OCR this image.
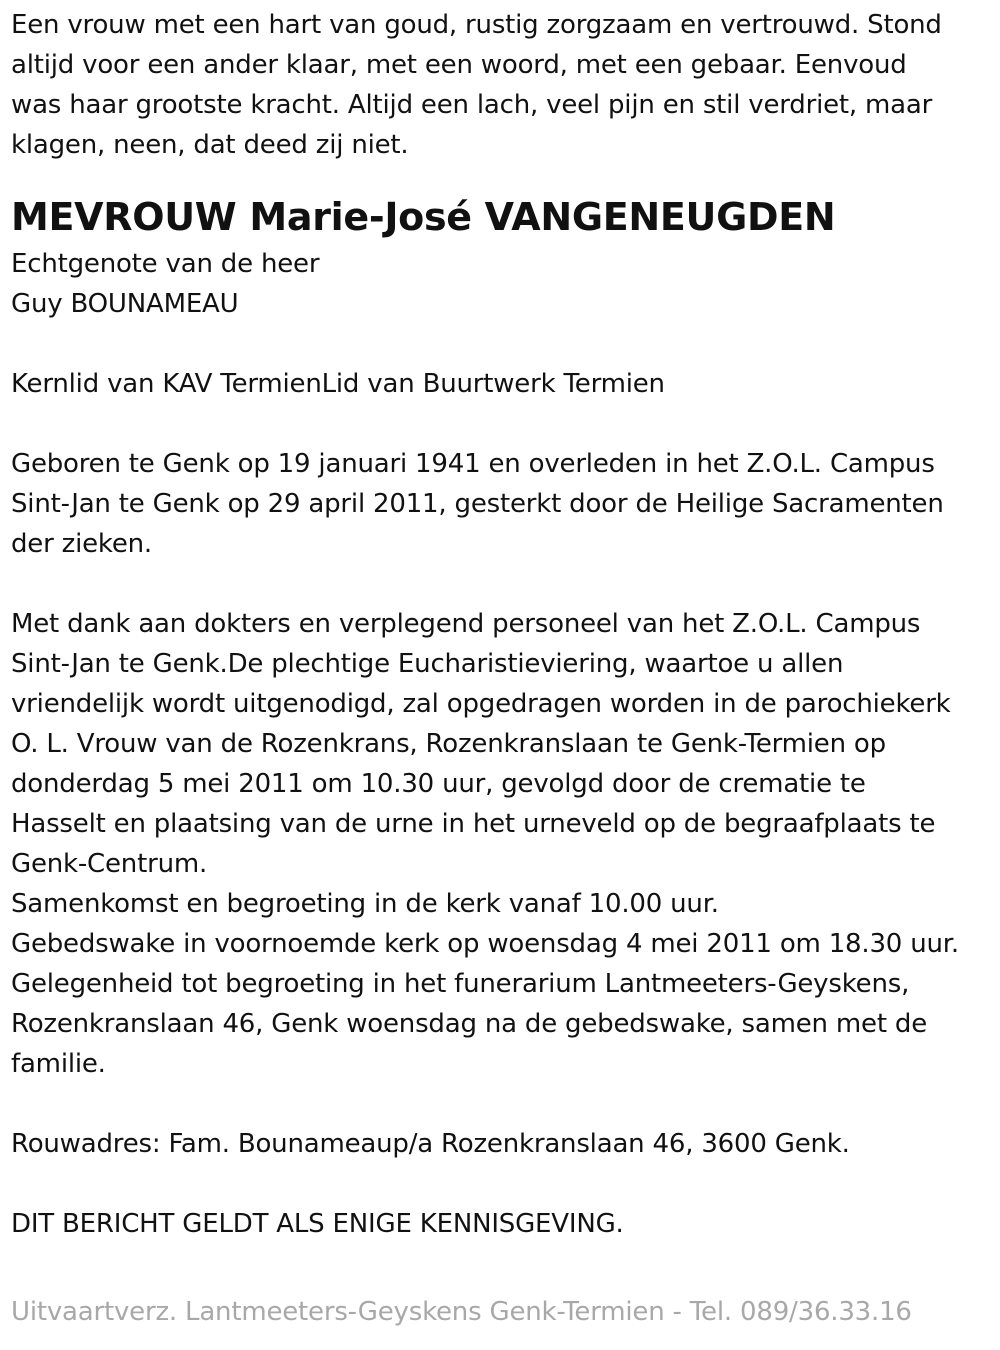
Een vrouw met een hart van goud, rustig zorgzaam en vertrouwd. Stond
altijd voor een ander klaar, met een woord, met een gebaar. Eenvoud
was haar grootste kracht. Altijd een lach, veel pijn en stil verdriet, maar
klagen, neen, dat deed zij niet.
MEVROUW Marie-José VANGENEUGDEN
Echtgenote van de heer
Guy BOUNAMEAU
Kernlid van KAV TermienLid van Buurtwerk Termien
Geboren te Genk op 19 januari 1941 en overleden in het Z.O.L. Campus
Sint-Jan te Genk op 29 april 2011, gesterkt door de Heilige Sacramenten
der zieken.
Met dank aan dokters en verplegend personeel van het Z.O.L. Campus
Sint-Jan te Genk.De plechtige Eucharistieviering, waartoe u allen
vriendelijk wordt uitgenodigd, zal opgedragen worden in de parochiekerk
O. L. Vrouw van de Rozenkrans, Rozenkranslaan te Genk-Termien op
donderdag 5 mei 2011 om 10.30 uur, gevolgd door de crematie te
Hasselt en plaatsing van de urne in het urneveld op de begraafplaats te
Genk-Centrum.
Samenkomst en begroeting in de kerk vanaf 10.00 uur.
Gebedswake in voornoemde kerk op woensdag 4 mei 2011 om 18.30 uur.
Gelegenheid tot begroeting in het funerarium Lantmeeters-Geyskens,
Rozenkranslaan 46, Genk woensdag na de gebedswake, samen met de
familie.
Rouwadres: Fam. Bounameaup/a Rozenkranslaan 46, 3600 Genk.
DIT BERICHT GELDT ALS ENIGE KENNISGEVING.
Uitvaartverz. Lantmeeters-Geyskens Genk-Termien - Tel. 089/36.33.16
